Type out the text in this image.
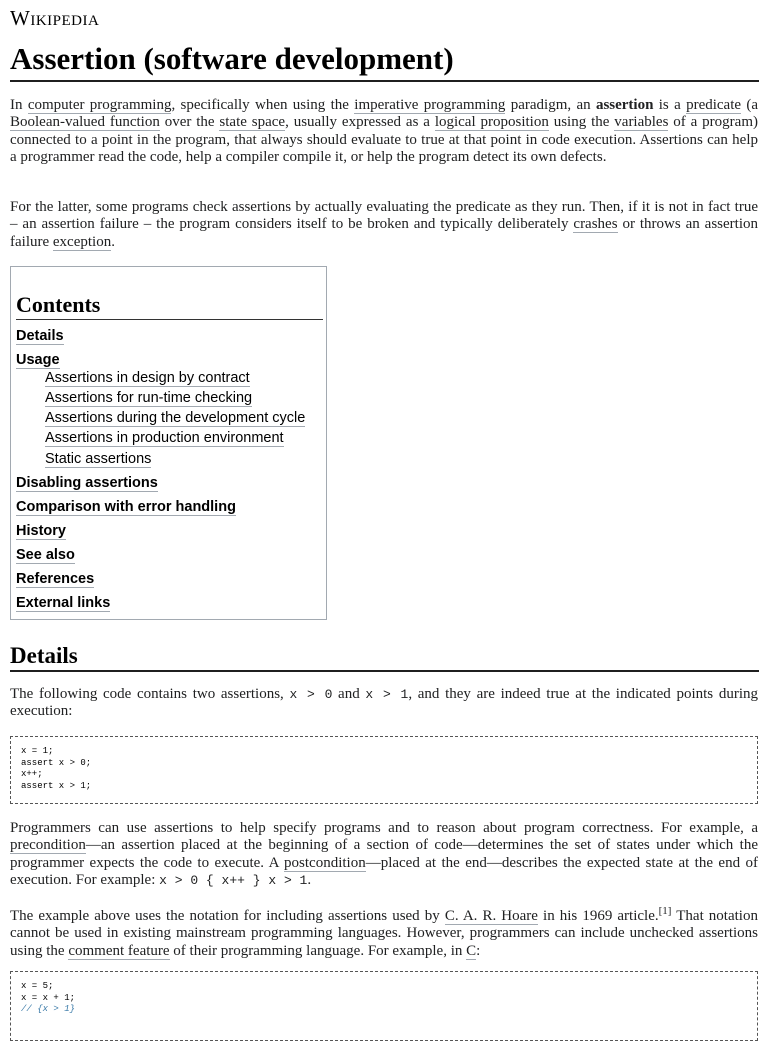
Wikipedia
Assertion (software development)

In computer programming, specifically when using the imperative programming paradigm, an assertion is a predicate (a Boolean-valued function over the state space, usually expressed as a logical proposition using the variables of a program) connected to a point in the program, that always should evaluate to true at that point in code execution. Assertions can help a programmer read the code, help a compiler compile it, or help the program detect its own defects.

For the latter, some programs check assertions by actually evaluating the predicate as they run. Then, if it is not in fact true – an assertion failure – the program considers itself to be broken and typically deliberately crashes or throws an assertion failure exception.

Contents
Details
Usage
Assertions in design by contract
Assertions for run-time checking
Assertions during the development cycle
Assertions in production environment
Static assertions
Disabling assertions
Comparison with error handling
History
See also
References
External links
Details

The following code contains two assertions, x > 0 and x > 1, and they are indeed true at the indicated points during execution:

x = 1;
assert x > 0;
x++;
assert x > 1;

Programmers can use assertions to help specify programs and to reason about program correctness. For example, a precondition—an assertion placed at the beginning of a section of code—determines the set of states under which the programmer expects the code to execute. A postcondition—placed at the end—describes the expected state at the end of execution. For example: x > 0 { x++ } x > 1.

The example above uses the notation for including assertions used by C. A. R. Hoare in his 1969 article.[1] That notation cannot be used in existing mainstream programming languages. However, programmers can include unchecked assertions using the comment feature of their programming language. For example, in C:

x = 5;
x = x + 1;
// {x > 1}
